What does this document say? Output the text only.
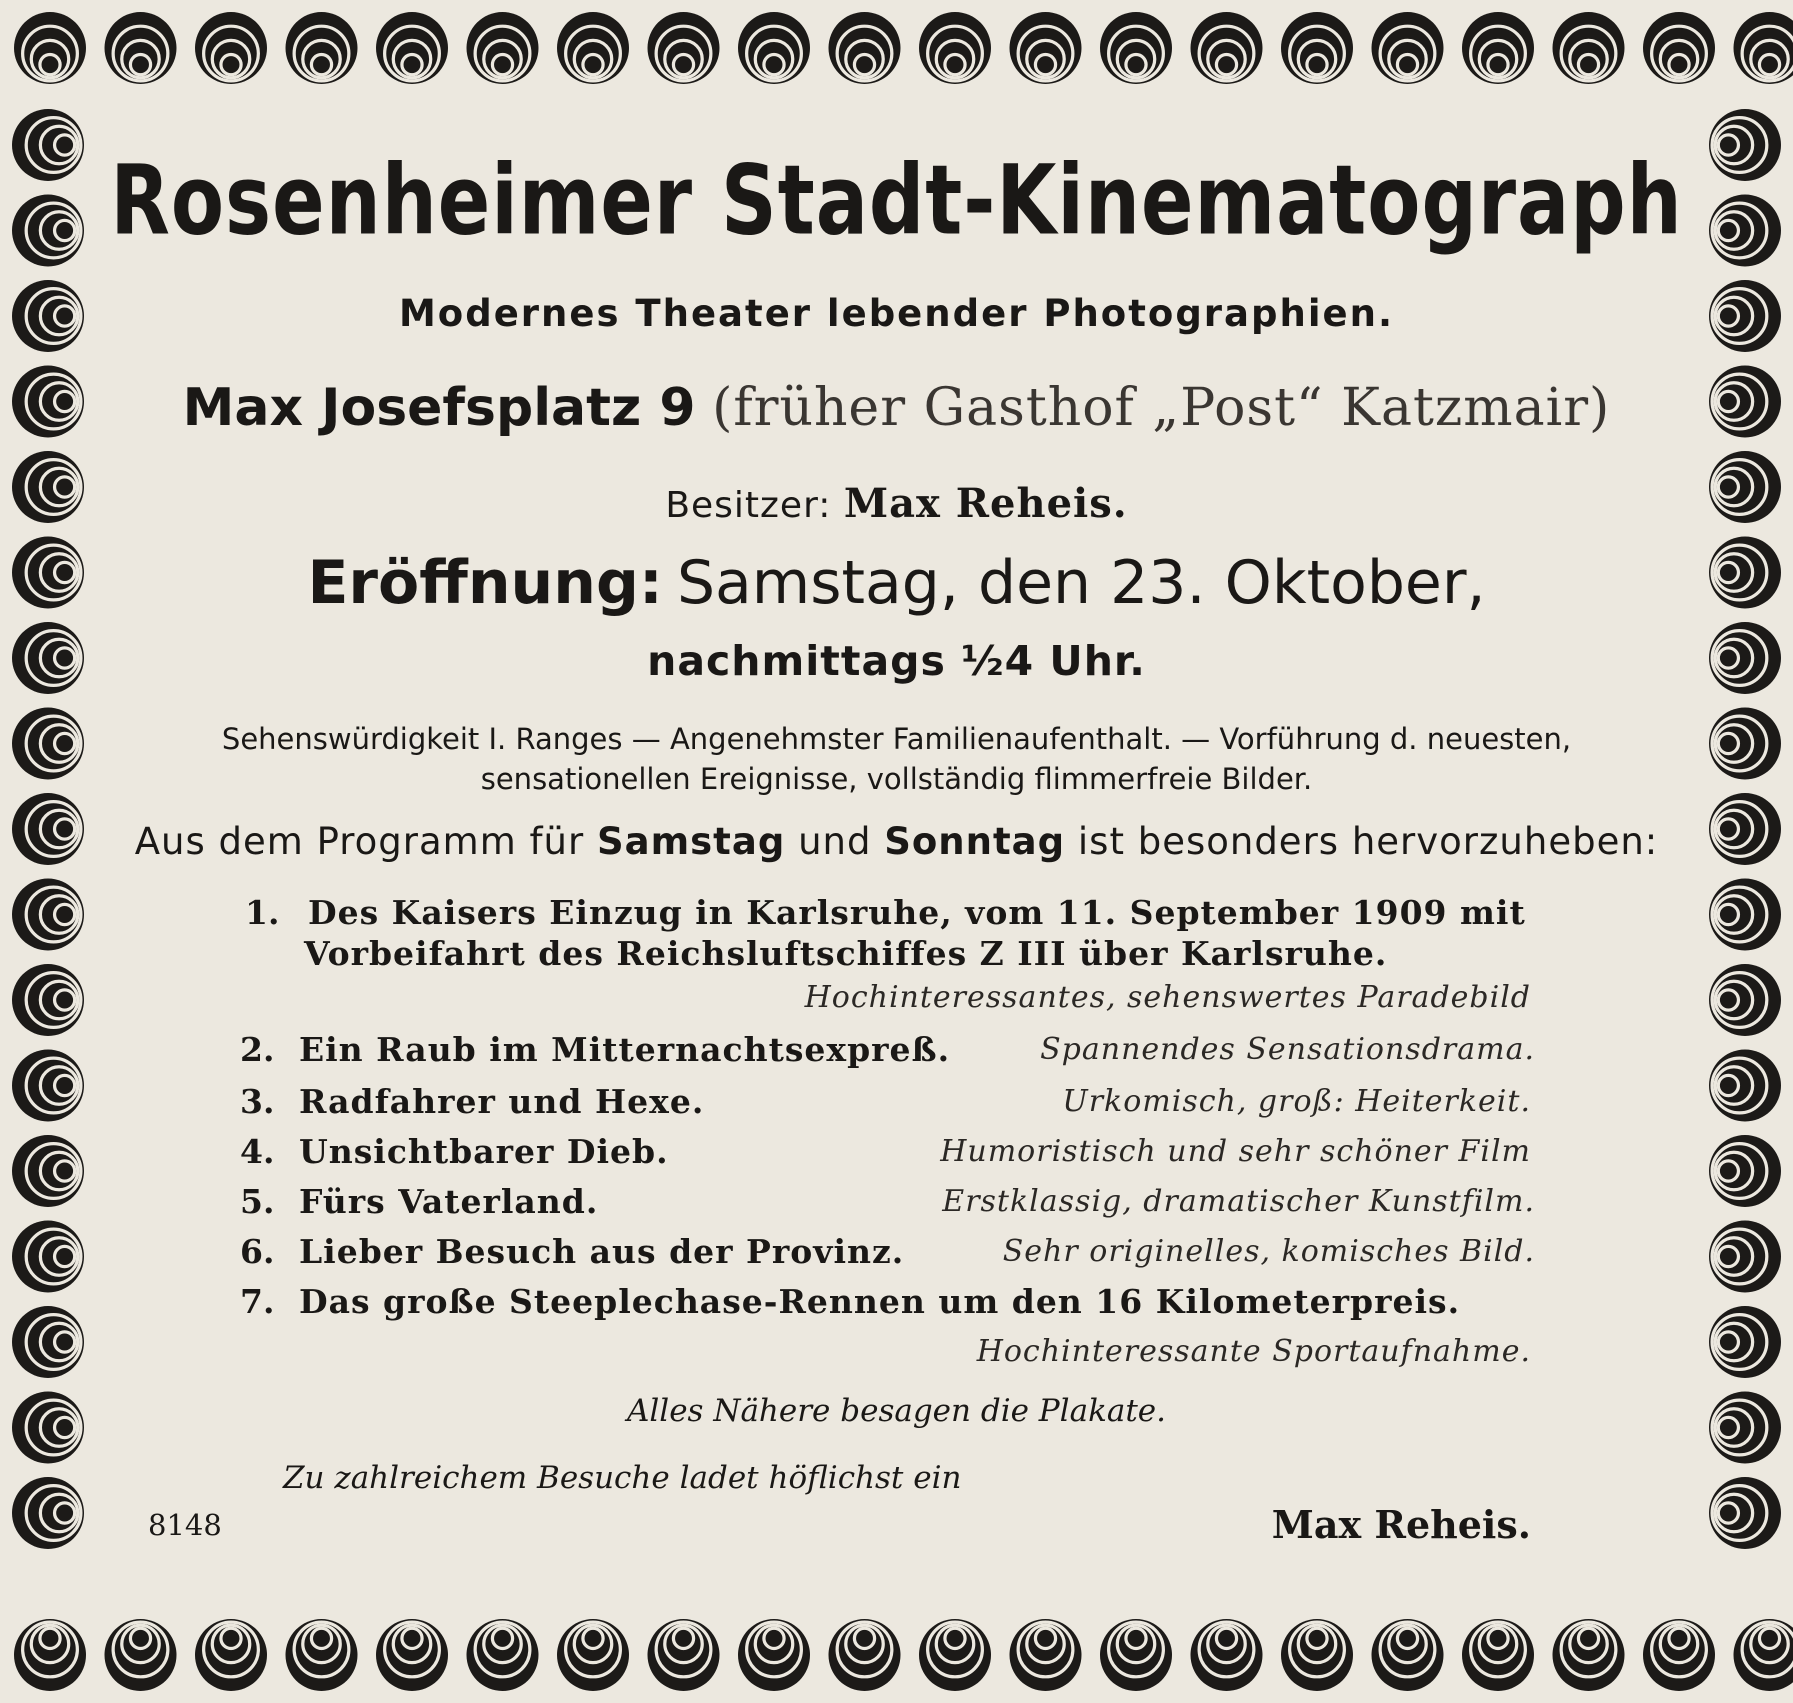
Rosenheimer Stadt-Kinematograph
Modernes Theater lebender Photographien.
Max Josefsplatz 9 (früher Gasthof „Post“ Katzmair)
Besitzer: Max Reheis.
Eröffnung: Samstag, den 23. Oktober,
nachmittags ½4 Uhr.
Sehenswürdigkeit I. Ranges — Angenehmster Familienaufenthalt. — Vorführung d. neuesten,
sensationellen Ereignisse, vollständig flimmerfreie Bilder.
Aus dem Programm für Samstag und Sonntag ist besonders hervorzuheben:
1. Des Kaisers Einzug in Karlsruhe, vom 11. September 1909 mit
Vorbeifahrt des Reichsluftschiffes Z III über Karlsruhe.
Hochinteressantes, sehenswertes Paradebild
2. Ein Raub im Mitternachtsexpreß.	Spannendes Sensationsdrama.
3. Radfahrer und Hexe.	Urkomisch, groß: Heiterkeit.
4. Unsichtbarer Dieb.	Humoristisch und sehr schöner Film
5. Fürs Vaterland.	Erstklassig, dramatischer Kunstfilm.
6. Lieber Besuch aus der Provinz.	Sehr originelles, komisches Bild.
7. Das große Steeplechase-Rennen um den 16 Kilometerpreis.
Hochinteressante Sportaufnahme.
Alles Nähere besagen die Plakate.
Zu zahlreichem Besuche ladet höflichst ein
8148	Max Reheis.
